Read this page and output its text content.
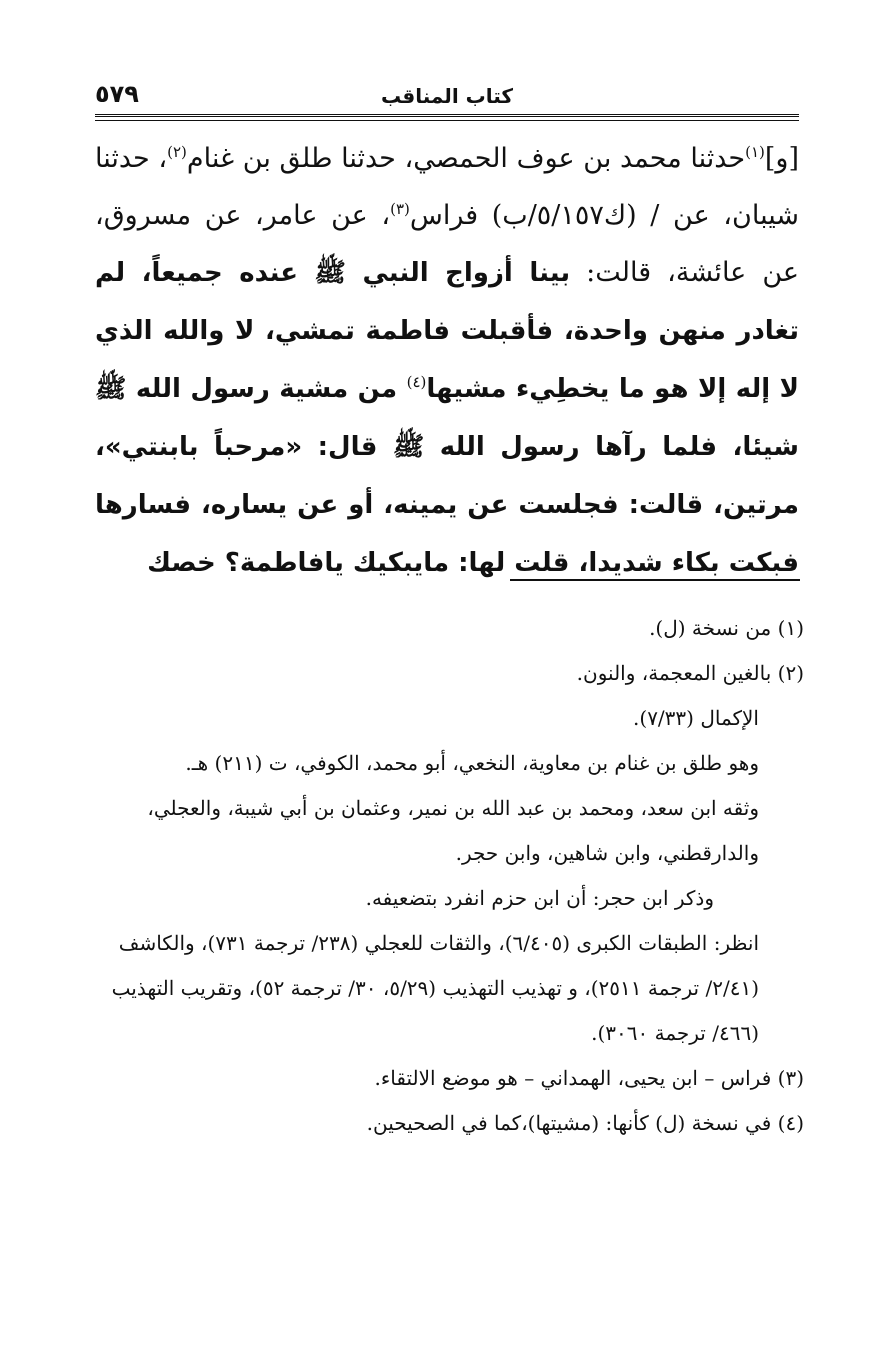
كتاب المناقب
٥٧٩

[و]$^{(١)}$حدثنا محمد بن عوف الحمصي، حدثنا طلق بن غنام$^{(٢)}$، حدثنا شيبان، عن / (ك٥/١٥٧/ب) فراس$^{(٣)}$، عن عامر، عن مسروق، عن عائشة، قالت: بينا أزواج النبي ﷺ عنده جميعاً، لم تغادر منهن واحدة، فأقبلت فاطمة تمشي، لا والله الذي لا إله إلا هو ما يخطِيء مشيها$^{(٤)}$ من مشية رسول الله ﷺ شيئا، فلما رآها رسول الله ﷺ قال: «مرحباً بابنتي»، مرتين، قالت: فجلست عن يمينه، أو عن يساره، فسارها فبكت بكاء شديدا، قلت لها: مايبكيك يافاطمة؟ خصك

(١) من نسخة (ل).

(٢) بالغين المعجمة، والنون.

الإكمال (٧/٣٣).

وهو طلق بن غنام بن معاوية، النخعي، أبو محمد، الكوفي، ت (٢١١) هـ.

وثقه ابن سعد، ومحمد بن عبد الله بن نمير، وعثمان بن أبي شيبة، والعجلي، والدارقطني، وابن شاهين، وابن حجر.

وذكر ابن حجر: أن ابن حزم انفرد بتضعيفه.

انظر: الطبقات الكبرى (٦/٤٠٥)، والثقات للعجلي (٢٣٨/ ترجمة ٧٣١)، والكاشف (٢/٤١/ ترجمة ٢٥١١)، و تهذيب التهذيب (٥/٢٩، ٣٠/ ترجمة ٥٢)، وتقريب التهذيب (٤٦٦/ ترجمة ٣٠٦٠).

(٣) فراس – ابن يحيى، الهمداني – هو موضع الالتقاء.

(٤) في نسخة (ل) كأنها: (مشيتها)،كما في الصحيحين.
